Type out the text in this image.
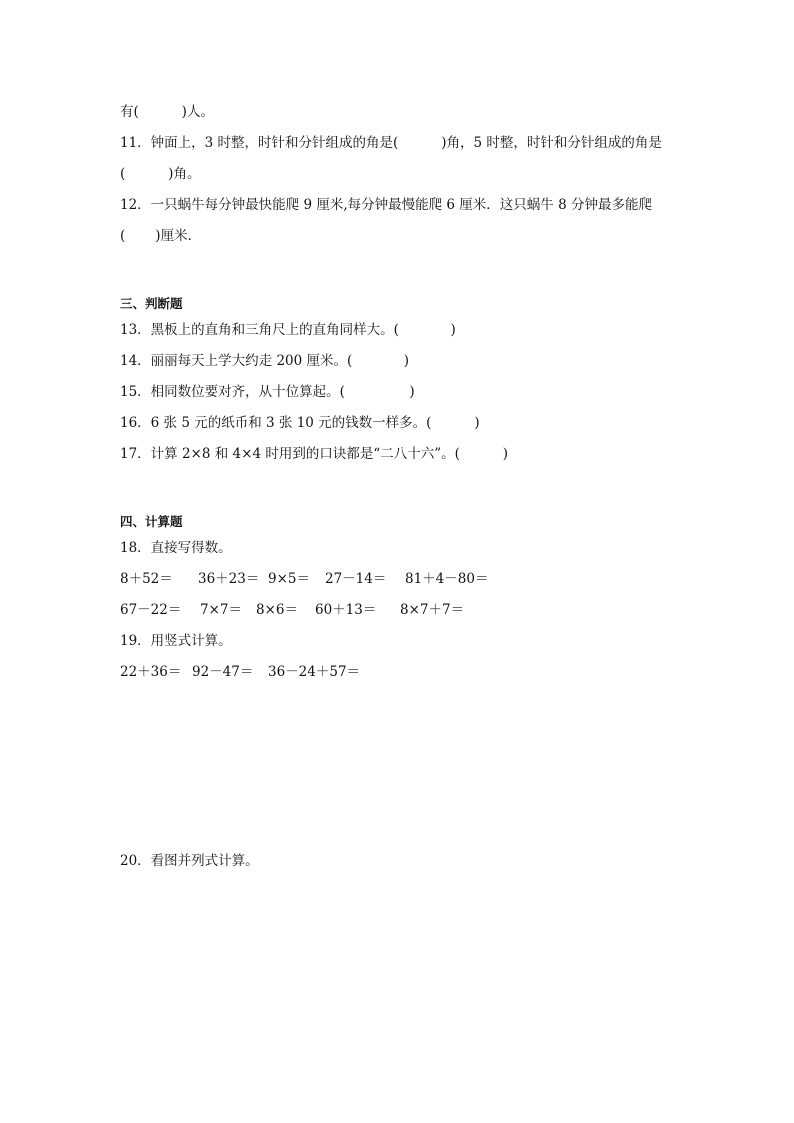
有(          )人。
11．钟面上，3 时整，时针和分针组成的角是(          )角，5 时整，时针和分针组成的角是
(          )角。
12．一只蜗牛每分钟最快能爬 9 厘米,每分钟最慢能爬 6 厘米．这只蜗牛 8 分钟最多能爬
(       )厘米．
三、判断题
13．黑板上的直角和三角尺上的直角同样大。(            )
14．丽丽每天上学大约走 200 厘米。(            )
15．相同数位要对齐，从十位算起。(               )
16．6 张 5 元的纸币和 3 张 10 元的钱数一样多。(          )
17．计算 2×8 和 4×4 时用到的口诀都是“二八十六”。(          )
四、计算题
18．直接写得数。
8＋52＝ 36＋23＝ 9×5＝ 27－14＝ 81＋4－80＝
67－22＝ 7×7＝ 8×6＝ 60＋13＝ 8×7＋7＝
19．用竖式计算。
22＋36＝ 92－47＝ 36－24＋57＝
20．看图并列式计算。
